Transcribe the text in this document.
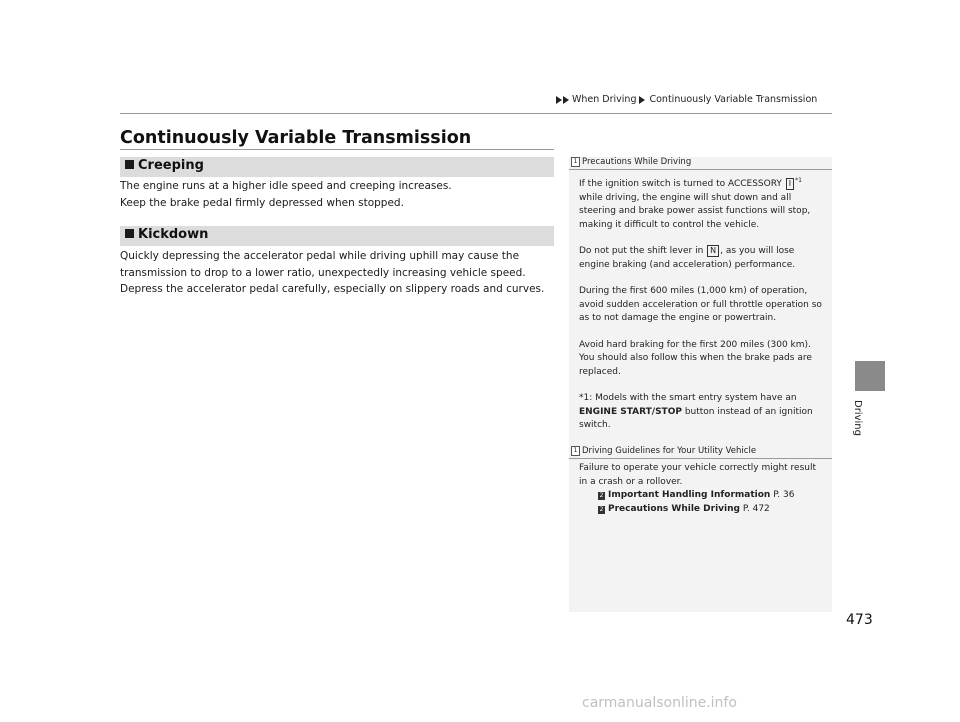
When Driving Continuously Variable Transmission
Driving
Continuously Variable Transmission
Creeping

The engine runs at a higher idle speed and creeping increases.

Keep the brake pedal firmly depressed when stopped.

Kickdown

Quickly depressing the accelerator pedal while driving uphill may cause the transmission to drop to a lower ratio, unexpectedly increasing vehicle speed. Depress the accelerator pedal carefully, especially on slippery roads and curves.

1 Precautions While Driving

If the ignition switch is turned to ACCESSORY I $^{*1}$ while driving, the engine will shut down and all steering and brake power assist functions will stop, making it difficult to control the vehicle.

Do not put the shift lever in N , as you will lose engine braking (and acceleration) performance.

During the first 600 miles (1,000 km) of operation, avoid sudden acceleration or full throttle operation so as to not damage the engine or powertrain.

Avoid hard braking for the first 200 miles (300 km). You should also follow this when the brake pads are replaced.

*1: Models with the smart entry system have an ENGINE START/STOP button instead of an ignition switch.

1 Driving Guidelines for Your Utility Vehicle

Failure to operate your vehicle correctly might result in a crash or a rollover.

2 Important Handling Information P. 36

2 Precautions While Driving P. 472

473
carmanualsonline.info
